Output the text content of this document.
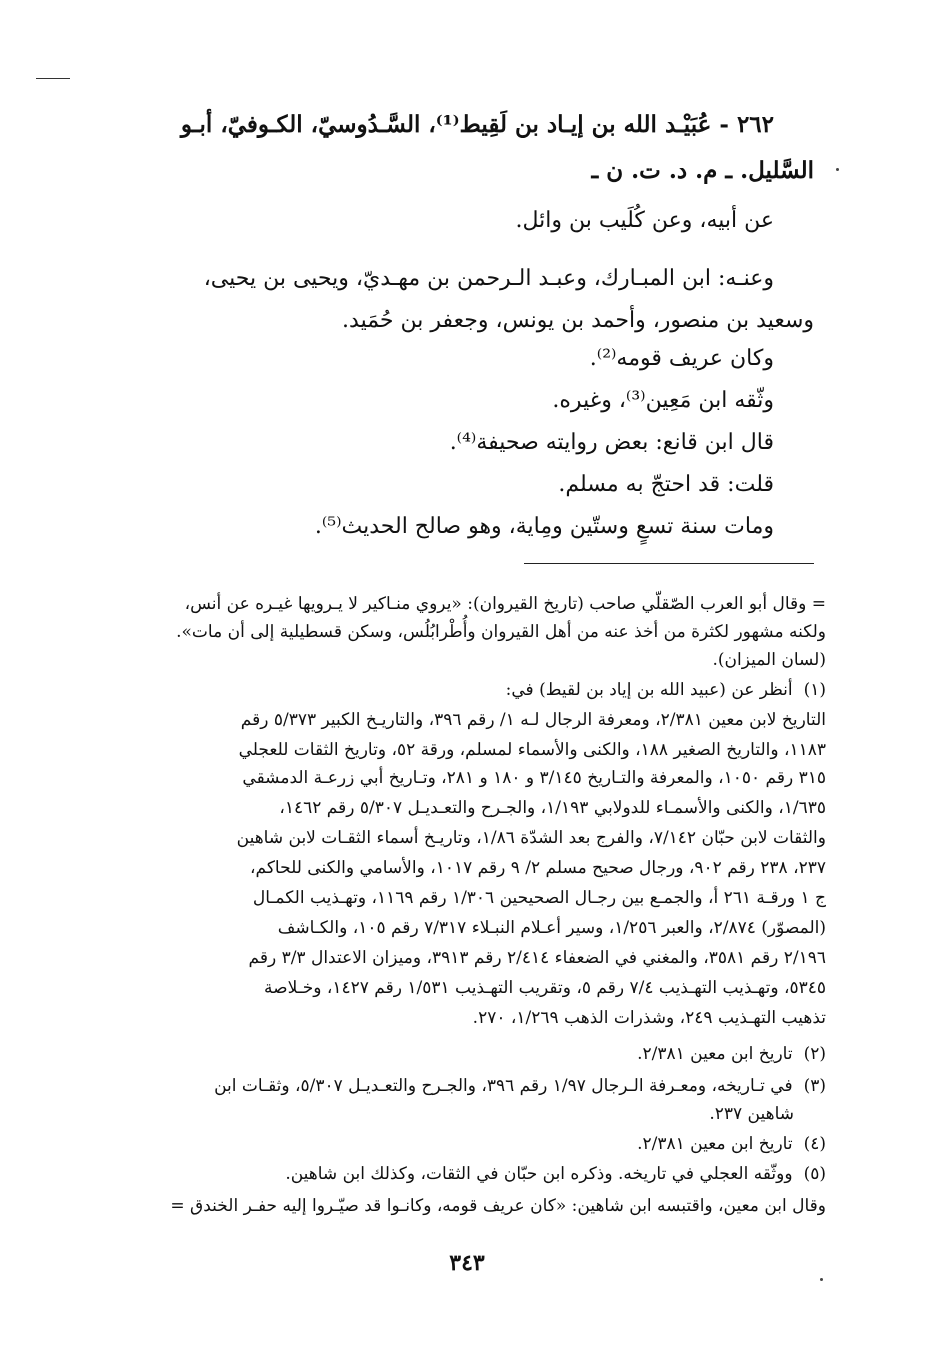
٢٦٢ - عُبَيْـد الله بن إيـاد بن لَقِيط⁽¹⁾، السَّـدُوسيّ، الكـوفيّ، أبـو
السَّليل. ـ م. د. ت. ن ـ
عن أبيه، وعن كُلَيب بن وائل.
وعنـه: ابن المبـارك، وعبـد الـرحمن بن مهـديّ، ويحيى بن يحيى،
وسعيد بن منصور، وأحمد بن يونس، وجعفر بن حُمَيد.
وكان عريف قومه⁽²⁾.
وثّقه ابن مَعِين⁽³⁾، وغيره.
قال ابن قانع: بعض روايته صحيفة⁽⁴⁾.
قلت: قد احتجّ به مسلم.
ومات سنة تسعٍ وستّين ومِاية، وهو صالح الحديث⁽⁵⁾.
= وقال أبو العرب الصّقلّي صاحب (تاريخ القيروان): «يروي منـاكير لا يـرويها غيـره عن أنس،
ولكنه مشهور لكثرة من أخذ عنه من أهل القيروان وأُطْرابُلُس، وسكن قسطيلية إلى أن مات».
(لسان الميزان).
(١) أنظر عن (عبيد الله بن إياد بن لقيط) في:
التاريخ لابن معين ٢/٣٨١، ومعرفة الرجال لـه ١/ رقم ٣٩٦، والتاريـخ الكبير ٥/٣٧٣ رقم
١١٨٣، والتاريخ الصغير ١٨٨، والكنى والأسماء لمسلم، ورقة ٥٢، وتاريخ الثقات للعجلي
٣١٥ رقم ١٠٥٠، والمعرفة والتـاريخ ٣/١٤٥ و ١٨٠ و ٢٨١، وتـاريخ أبي زرعـة الدمشقي
١/٦٣٥، والكنى والأسمـاء للدولابي ١/١٩٣، والجـرح والتعـديـل ٥/٣٠٧ رقم ١٤٦٢،
والثقات لابن حبّان ٧/١٤٢، والفرج بعد الشدّة ١/٨٦، وتاريـخ أسماء الثقـات لابن شاهين
٢٣٧، ٢٣٨ رقم ٩٠٢، ورجال صحيح مسلم ٢/ ٩ رقم ١٠١٧، والأسامي والكنى للحاكم،
ج ١ ورقـة ٢٦١ أ، والجمـع بين رجـال الصحيحين ١/٣٠٦ رقم ١١٦٩، وتهـذيب الكمـال
(المصوّر) ٢/٨٧٤، والعبر ١/٢٥٦، وسير أعـلام النبـلاء ٧/٣١٧ رقم ١٠٥، والكـاشف
٢/١٩٦ رقم ٣٥٨١، والمغني في الضعفاء ٢/٤١٤ رقم ٣٩١٣، وميزان الاعتدال ٣/٣ رقم
٥٣٤٥، وتهـذيب التهـذيب ٧/٤ رقم ٥، وتقريب التهـذيب ١/٥٣١ رقم ١٤٢٧، وخـلاصة
تذهيب التهـذيب ٢٤٩، وشذرات الذهب ١/٢٦٩، ٢٧٠.
(٢) تاريخ ابن معين ٢/٣٨١.
(٣) في تـاريخه، ومعـرفة الـرجال ١/٩٧ رقم ٣٩٦، والجـرح والتعـديـل ٥/٣٠٧، وثقـات ابن
شاهين ٢٣٧.
(٤) تاريخ ابن معين ٢/٣٨١.
(٥) ووثّقه العجلي في تاريخه. وذكره ابن حبّان في الثقات، وكذلك ابن شاهين.
وقال ابن معين، واقتبسه ابن شاهين: «كان عريف قومه، وكانـوا قد صيّـروا إليه حفـر الخندق =
٣٤٣
